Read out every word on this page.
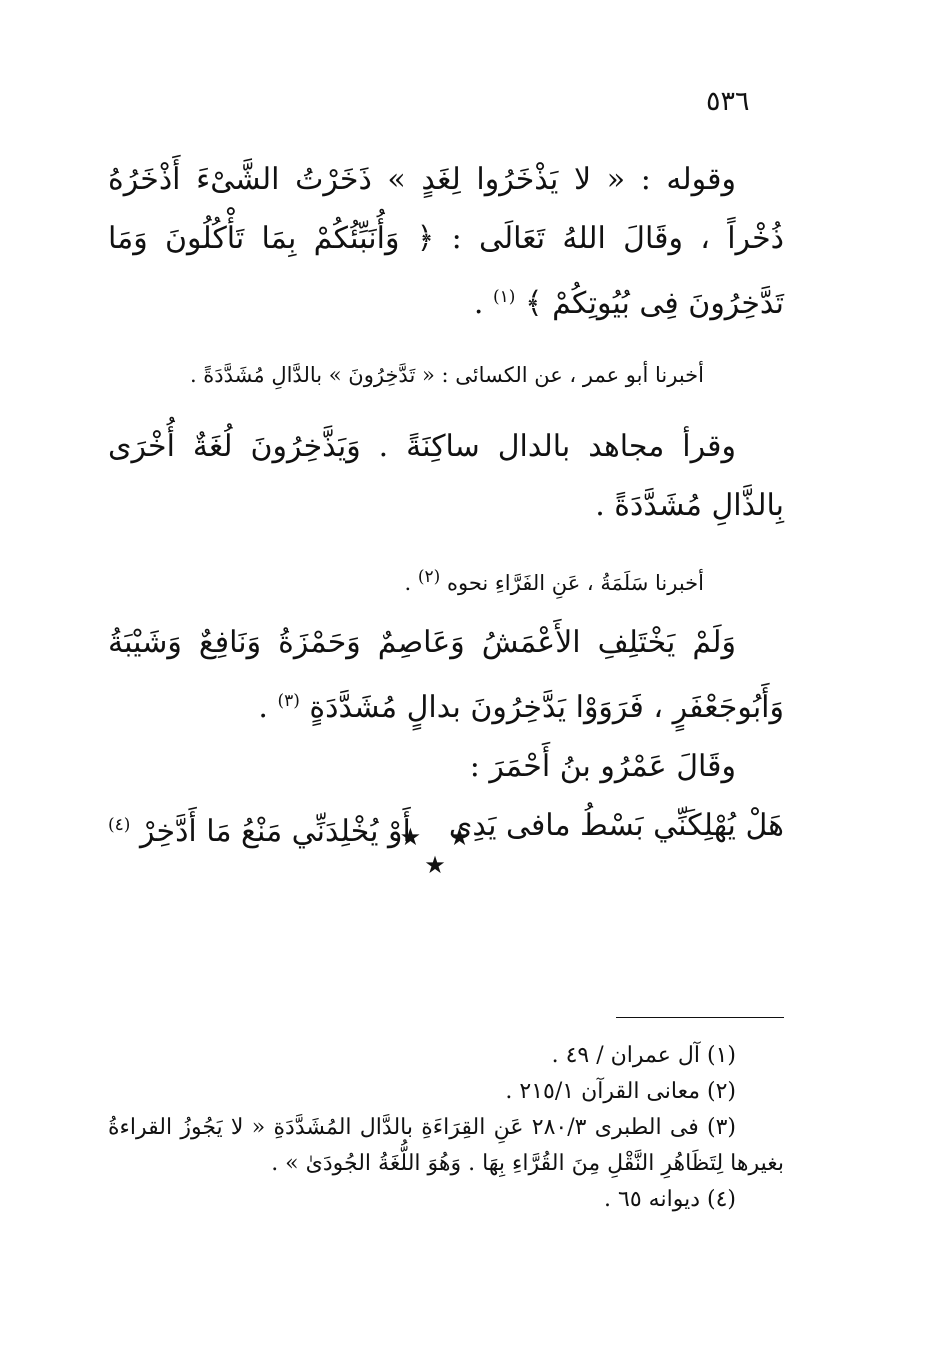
٥٣٦

وقوله : « لا يَذْخَرُوا لِغَدٍ » ذَخَرْتُ الشَّىْءَ أَذْخَرُهُ ذُخْراً ، وقَالَ اللهُ تَعَالَى : ﴿ وَأُنَبِّئُكُمْ بِمَا تَأْكُلُونَ وَمَا تَدَّخِرُونَ فِى بُيُوتِكُمْ ﴾ $^{(١)}$ .

أخبرنا أبو عمر ، عن الكسائى : « تَدَّخِرُونَ » بالدَّالِ مُشَدَّدَةً .

وقرأ مجاهد بالدال ساكِنَةً . وَيَذَّخِرُونَ لُغَةٌ أُخْرَى بِالذَّالِ مُشَدَّدَةً .

أخبرنا سَلَمَةُ ، عَنِ الفَرَّاءِ نحوه $^{(٢)}$ .

وَلَمْ يَخْتَلِفِ الأَعْمَشُ وَعَاصِمٌ وَحَمْزَةُ وَنَافِعٌ وَشَيْبَةُ وَأَبُوجَعْفَرٍ ، فَرَوَوْا يَدَّخِرُونَ بدالٍ مُشَدَّدَةٍ $^{(٣)}$ .

وقَالَ عَمْرُو بنُ أَحْمَرَ :

هَلْ يُهْلِكَنِّي بَسْطُ مافى يَدِى
أَوْ يُخْلِدَنِّي مَنْعُ مَا أَدَّخِرْ $^{(٤)}$	★ ★ ★

(١) آل عمران / ٤٩ .

(٢) معانى القرآن ٢١٥/١ .

(٣) فى الطبرى ٢٨٠/٣ عَنِ القِرَاءَةِ بالدَّال المُشَدَّدَةِ « لا يَجُوزُ القراءةُ بغيرها لِتَظَاهُرِ النَّقْلِ مِنَ القُرَّاءِ بِهَا . وَهُوَ اللُّغَةُ الجُودَىٰ » .

(٤) ديوانه ٦٥ .
